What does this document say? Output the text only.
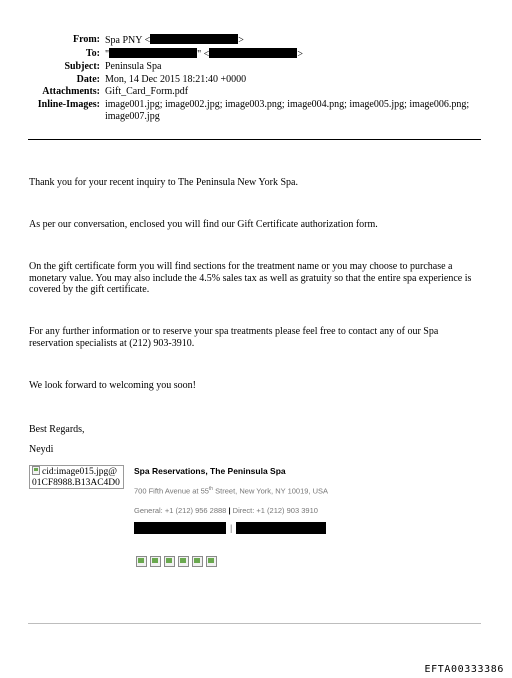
From: Spa PNY <	>
To: "	" <	>
Subject: Peninsula Spa
Date: Mon, 14 Dec 2015 18:21:40 +0000
Attachments: Gift_Card_Form.pdf
Inline-Images: image001.jpg; image002.jpg; image003.png; image004.png; image005.jpg; image006.png; image007.jpg

Thank you for your recent inquiry to The Peninsula New York Spa.

As per our conversation, enclosed you will find our Gift Certificate authorization form.

On the gift certificate form you will find sections for the treatment name or you may choose to purchase a monetary value. You may also include the 4.5% sales tax as well as gratuity so that the entire spa experience is covered by the gift certificate.

For any further information or to reserve your spa treatments please feel free to contact any of our Spa reservation specialists at (212) 903-3910.

We look forward to welcoming you soon!

Best Regards,

Neydi

cid:image015.jpg@
01CF8988.B13AC4D0
Spa Reservations, The Peninsula Spa
700 Fifth Avenue at 55th Street, New York, NY 10019, USA
General: +1 (212) 956 2888 | Direct: +1 (212) 903 3910
|
EFTA00333386
